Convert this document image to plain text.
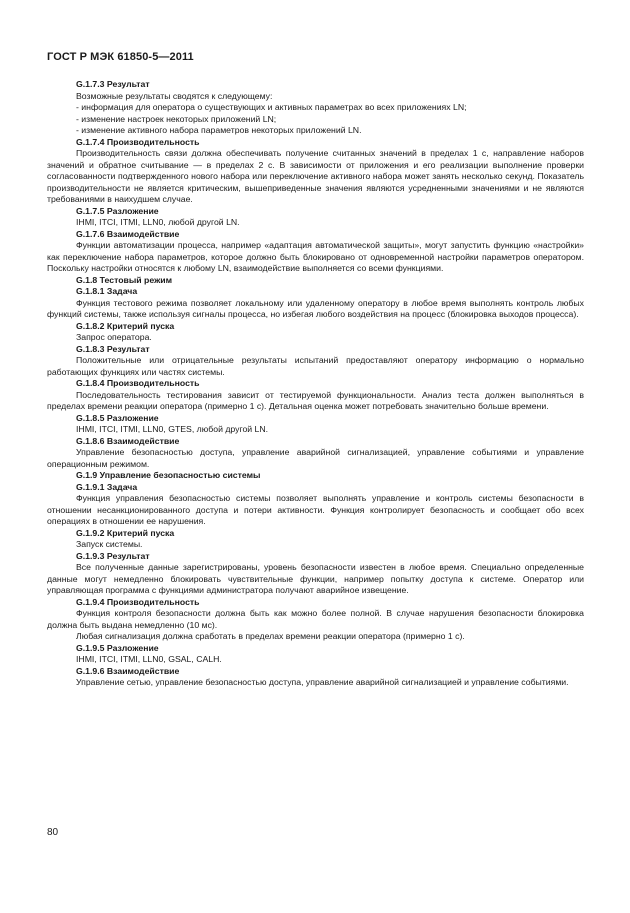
ГОСТ Р МЭК 61850-5—2011

G.1.7.3 Результат

Возможные результаты сводятся к следующему:

- информация для оператора о существующих и активных параметрах во всех приложениях LN;

- изменение настроек некоторых приложений LN;

- изменение активного набора параметров некоторых приложений LN.

G.1.7.4 Производительность

Производительность связи должна обеспечивать получение считанных значений в пределах 1 с, направление наборов значений и обратное считывание — в пределах 2 с. В зависимости от приложения и его реализации выполнение проверки согласованности подтвержденного нового набора или переключение активного набора может занять несколько секунд. Показатель производительности не является критическим, вышеприведенные значения являются усредненными значениями и не являются требованиями в наихудшем случае.

G.1.7.5 Разложение

IHMI, ITCI, ITMI, LLN0, любой другой LN.

G.1.7.6 Взаимодействие

Функции автоматизации процесса, например «адаптация автоматической защиты», могут запустить функцию «настройки» как переключение набора параметров, которое должно быть блокировано от одновременной настройки параметров оператором. Поскольку настройки относятся к любому LN, взаимодействие выполняется со всеми функциями.

G.1.8 Тестовый режим

G.1.8.1 Задача

Функция тестового режима позволяет локальному или удаленному оператору в любое время выполнять контроль любых функций системы, также используя сигналы процесса, но избегая любого воздействия на процесс (блокировка выходов процесса).

G.1.8.2 Критерий пуска

Запрос оператора.

G.1.8.3 Результат

Положительные или отрицательные результаты испытаний предоставляют оператору информацию о нормально работающих функциях или частях системы.

G.1.8.4 Производительность

Последовательность тестирования зависит от тестируемой функциональности. Анализ теста должен выполняться в пределах времени реакции оператора (примерно 1 с). Детальная оценка может потребовать значительно больше времени.

G.1.8.5 Разложение

IHMI, ITCI, ITMI, LLN0, GTES, любой другой LN.

G.1.8.6 Взаимодействие

Управление безопасностью доступа, управление аварийной сигнализацией, управление событиями и управление операционным режимом.

G.1.9 Управление безопасностью системы

G.1.9.1 Задача

Функция управления безопасностью системы позволяет выполнять управление и контроль системы безопасности в отношении несанкционированного доступа и потери активности. Функция контролирует безопасность и сообщает обо всех операциях в отношении ее нарушения.

G.1.9.2 Критерий пуска

Запуск системы.

G.1.9.3 Результат

Все полученные данные зарегистрированы, уровень безопасности известен в любое время. Специально определенные данные могут немедленно блокировать чувствительные функции, например попытку доступа к системе. Оператор или управляющая программа с функциями администратора получают аварийное извещение.

G.1.9.4 Производительность

Функция контроля безопасности должна быть как можно более полной. В случае нарушения безопасности блокировка должна быть выдана немедленно (10 мс).

Любая сигнализация должна сработать в пределах времени реакции оператора (примерно 1 с).

G.1.9.5 Разложение

IHMI, ITCI, ITMI, LLN0, GSAL, CALH.

G.1.9.6 Взаимодействие

Управление сетью, управление безопасностью доступа, управление аварийной сигнализацией и управление событиями.

80
